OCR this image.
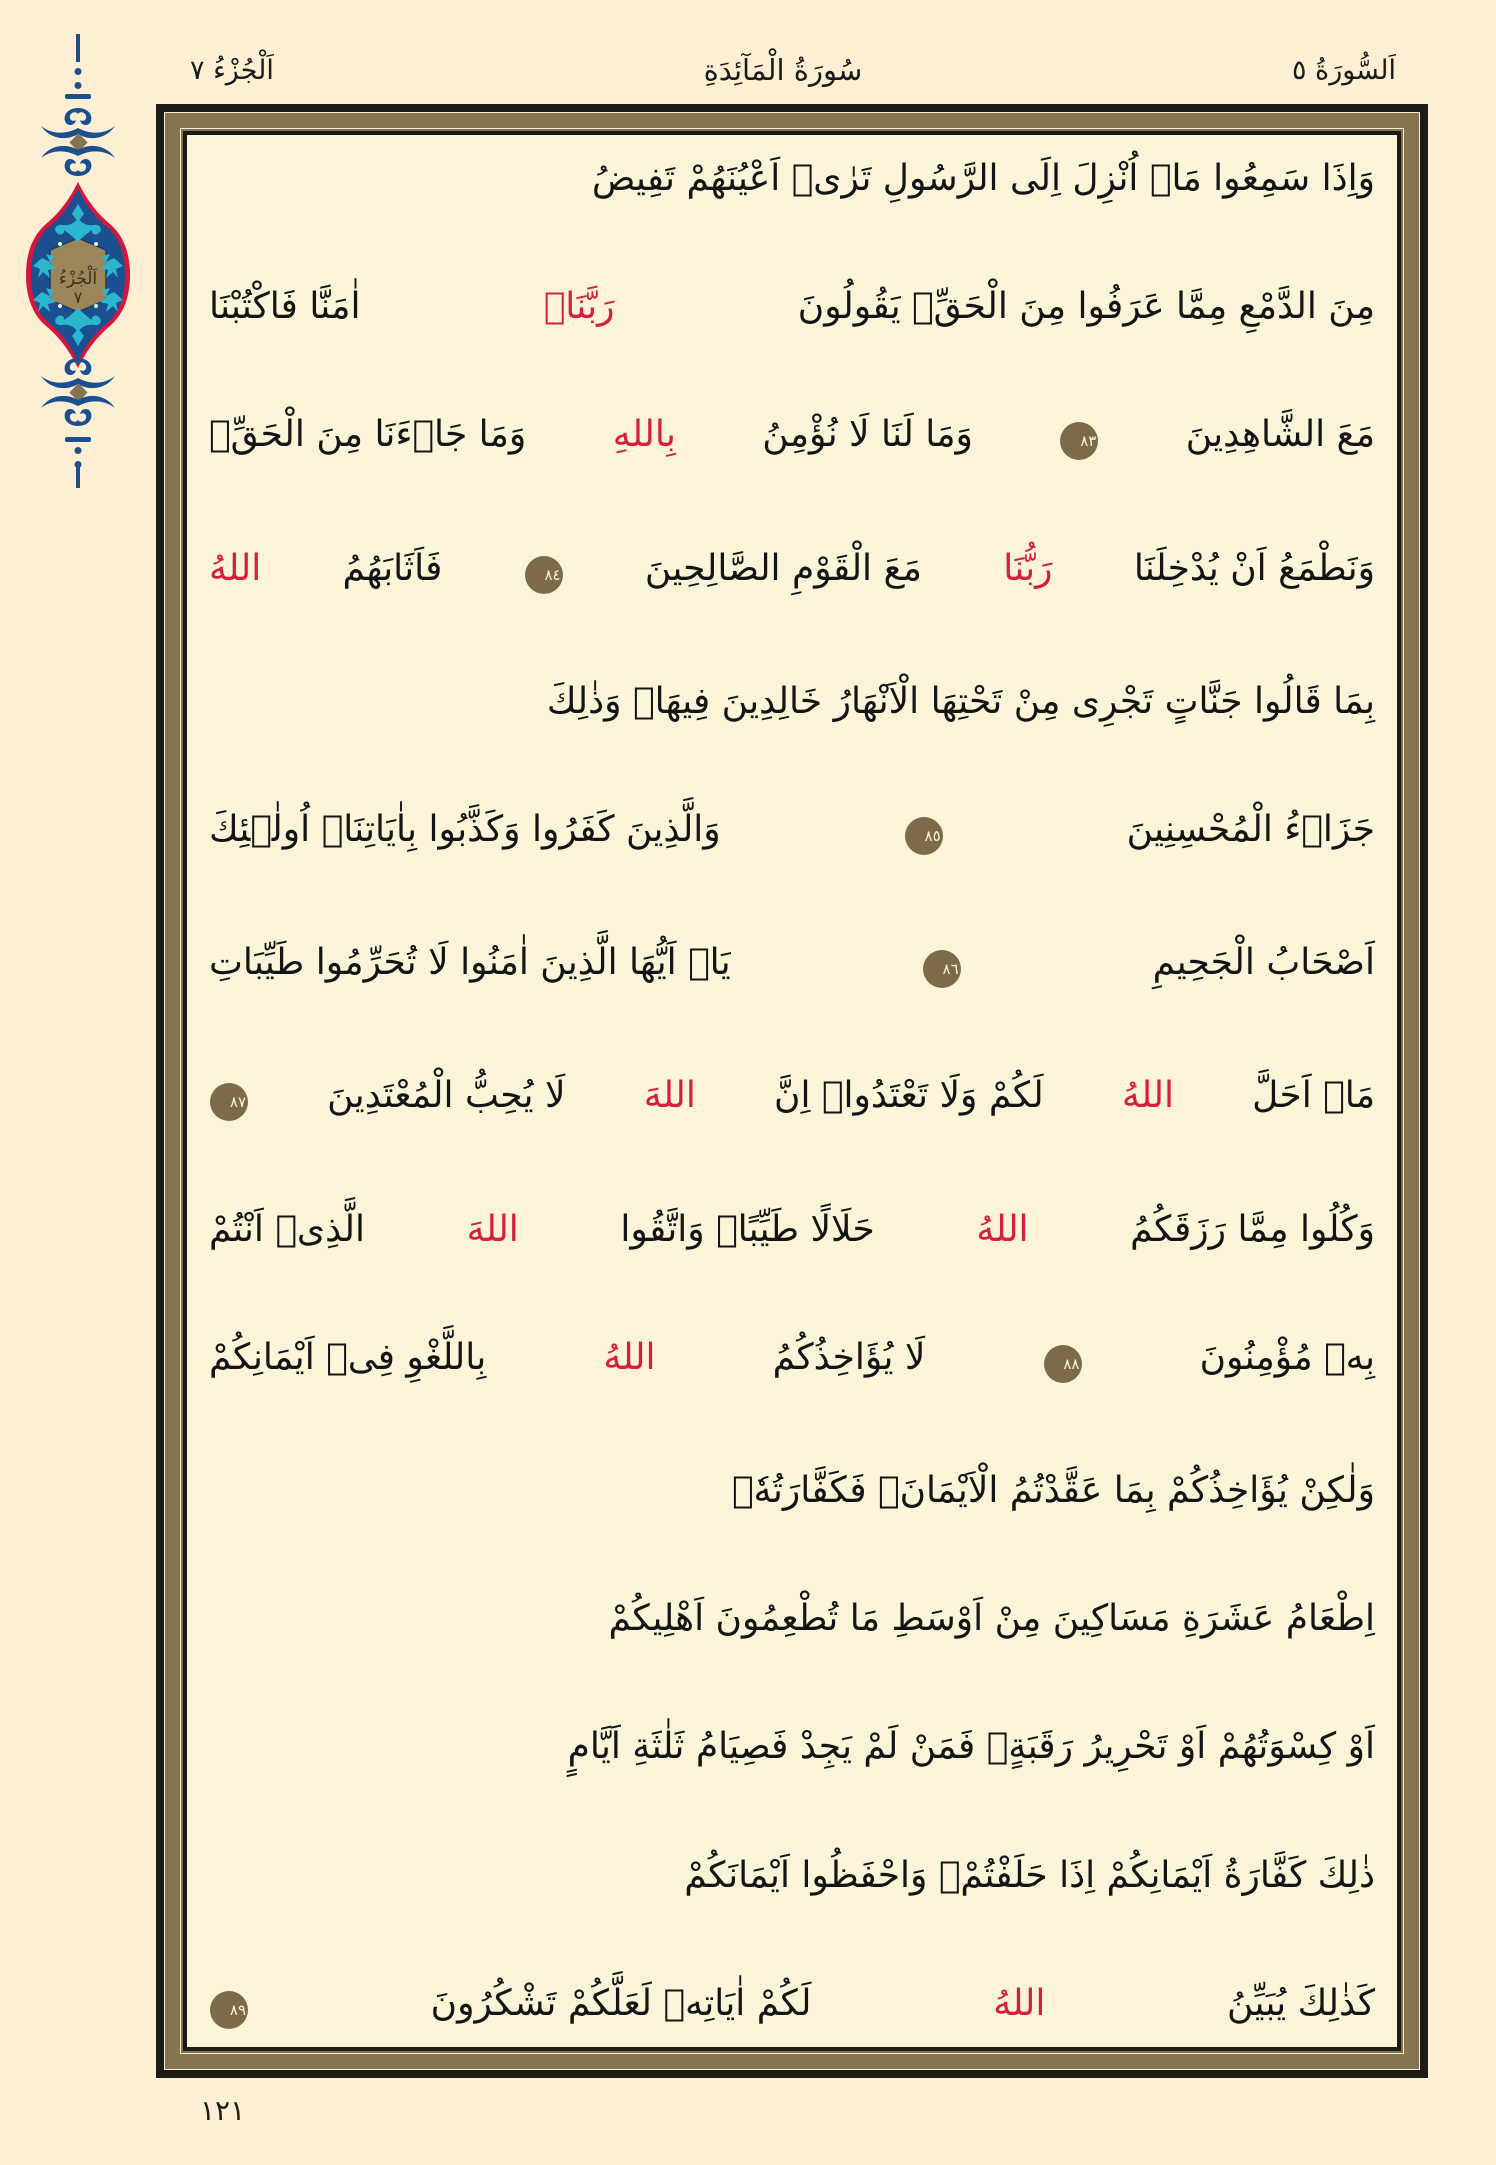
اَلْجُزْءُ ٧	سُورَةُ الْمَآئِدَةِ	اَلسُّورَةُ ٥
اَلْجُزْءُ
٧
وَاِذَا سَمِعُوا مَاۤ اُنْزِلَ اِلَى الرَّسُولِ تَرٰىۤ اَعْيُنَهُمْ تَفِيضُ
مِنَ الدَّمْعِ مِمَّا عَرَفُوا مِنَ الْحَقِّۚ يَقُولُونَ
رَبَّنَاۤ
اٰمَنَّا فَاكْتُبْنَا
مَعَ الشَّاهِدِينَ
٨٣
وَمَا لَنَا لَا نُؤْمِنُ
بِاللهِ
وَمَا جَاۤءَنَا مِنَ الْحَقِّۙ
وَنَطْمَعُ اَنْ يُدْخِلَنَا
رَبُّنَا
مَعَ الْقَوْمِ الصَّالِحِينَ
٨٤
فَاَثَابَهُمُ
اللهُ
بِمَا قَالُوا جَنَّاتٍ تَجْرِى مِنْ تَحْتِهَا الْاَنْهَارُ خَالِدِينَ فِيهَاۚ وَذٰلِكَ
جَزَاۤءُ الْمُحْسِنِينَ
٨٥
وَالَّذِينَ كَفَرُوا وَكَذَّبُوا بِاٰيَاتِنَاۤ اُولٰۤئِكَ
اَصْحَابُ الْجَحِيمِ
٨٦
يَاۤ اَيُّهَا الَّذِينَ اٰمَنُوا لَا تُحَرِّمُوا طَيِّبَاتِ
مَاۤ اَحَلَّ
اللهُ
لَكُمْ وَلَا تَعْتَدُواۚ اِنَّ
اللهَ
لَا يُحِبُّ الْمُعْتَدِينَ
٨٧
وَكُلُوا مِمَّا رَزَقَكُمُ
اللهُ
حَلَالًا طَيِّبًاۖ وَاتَّقُوا
اللهَ
الَّذِىۤ اَنْتُمْ
بِهٖ مُؤْمِنُونَ
٨٨
لَا يُؤَاخِذُكُمُ
اللهُ
بِاللَّغْوِ فِىۤ اَيْمَانِكُمْ
وَلٰكِنْ يُؤَاخِذُكُمْ بِمَا عَقَّدْتُمُ الْاَيْمَانَۚ فَكَفَّارَتُهٗۤ
اِطْعَامُ عَشَرَةِ مَسَاكِينَ مِنْ اَوْسَطِ مَا تُطْعِمُونَ اَهْلِيكُمْ
اَوْ كِسْوَتُهُمْ اَوْ تَحْرِيرُ رَقَبَةٍۚ فَمَنْ لَمْ يَجِدْ فَصِيَامُ ثَلٰثَةِ اَيَّامٍ
ذٰلِكَ كَفَّارَةُ اَيْمَانِكُمْ اِذَا حَلَفْتُمْۚ وَاحْفَظُوا اَيْمَانَكُمْ
كَذٰلِكَ يُبَيِّنُ
اللهُ
لَكُمْ اٰيَاتِهٖ لَعَلَّكُمْ تَشْكُرُونَ
٨٩
١٢١
